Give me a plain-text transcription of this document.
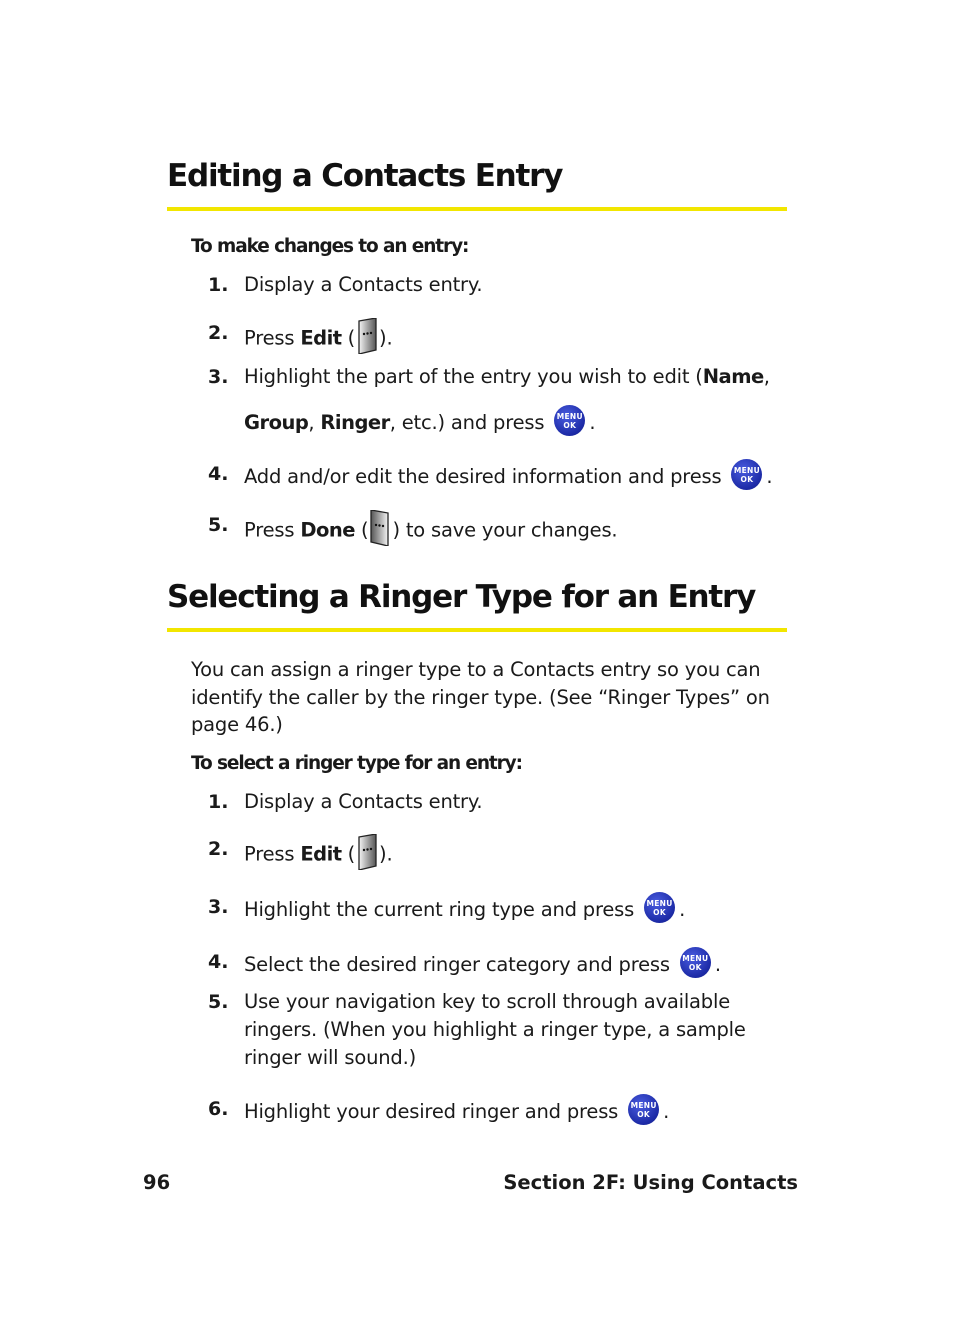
Editing a Contacts Entry
To make changes to an entry:
1. Display a Contacts entry.
2. Press Edit ( ).
3. Highlight the part of the entry you wish to edit (Name,
Group, Ringer, etc.) and press MENU
OK .
4. Add and/or edit the desired information and press MENU
OK .
5. Press Done ( ) to save your changes.
Selecting a Ringer Type for an Entry
You can assign a ringer type to a Contacts entry so you can identify the caller by the ringer type. (See “Ringer Types” on page 46.)
To select a ringer type for an entry:
1. Display a Contacts entry.
2. Press Edit ( ).
3. Highlight the current ring type and press MENU
OK .
4. Select the desired ringer category and press MENU
OK .
5. Use your navigation key to scroll through available
ringers. (When you highlight a ringer type, a sample
ringer will sound.)
6. Highlight your desired ringer and press MENU
OK .
96	Section 2F: Using Contacts
